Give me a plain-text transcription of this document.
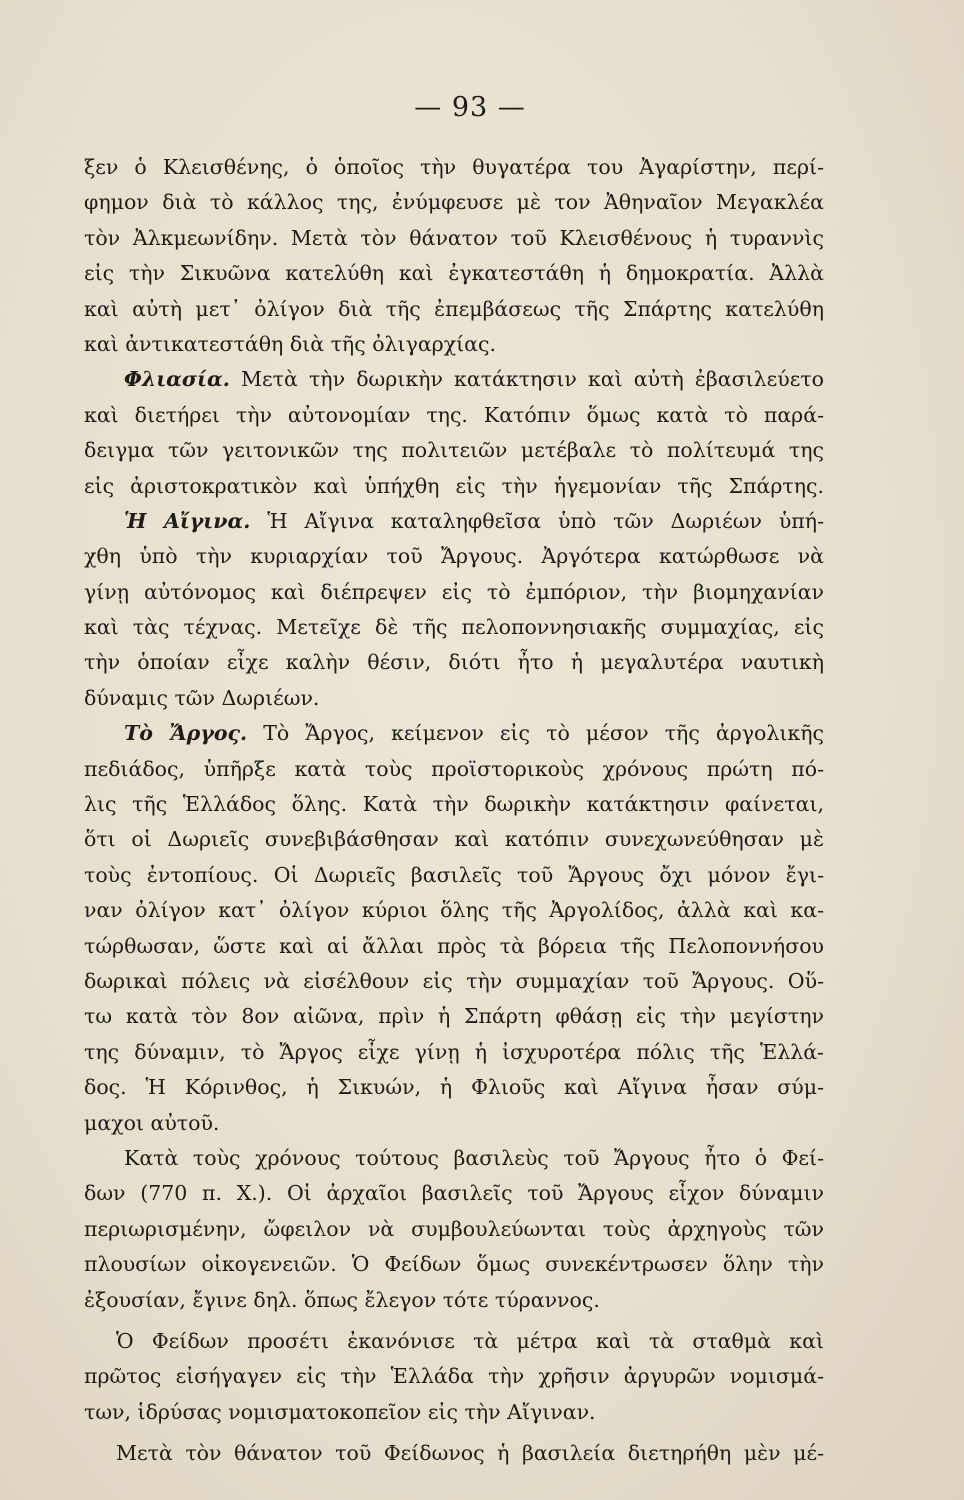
— 93 —
ξεν ὁ Κλεισθένης, ὁ ὁποῖος τὴν θυγατέρα του Ἀγαρίστην, περί-
φημον διὰ τὸ κάλλος της, ἐνύμφευσε μὲ τον Ἀθηναῖον Μεγακλέα
τὸν Ἀλκμεωνίδην. Μετὰ τὸν θάνατον τοῦ Κλεισθένους ἡ τυραννὶς
εἰς τὴν Σικυῶνα κατελύθη καὶ ἐγκατεστάθη ἡ δημοκρατία. Ἀλλὰ
καὶ αὐτὴ μετ᾿ ὀλίγον διὰ τῆς ἐπεμβάσεως τῆς Σπάρτης κατελύθη
καὶ ἀντικατεστάθη διὰ τῆς ὀλιγαρχίας.
Φλιασία. Μετὰ τὴν δωρικὴν κατάκτησιν καὶ αὐτὴ ἐβασιλεύετο
καὶ διετήρει τὴν αὐτονομίαν της. Κατόπιν ὅμως κατὰ τὸ παρά-
δειγμα τῶν γειτονικῶν της πολιτειῶν μετέβαλε τὸ πολίτευμά της
εἰς ἀριστοκρατικὸν καὶ ὑπήχθη εἰς τὴν ἡγεμονίαν τῆς Σπάρτης.
Ἡ Αἴγινα. Ἡ Αἴγινα καταληφθεῖσα ὑπὸ τῶν Δωριέων ὑπή-
χθη ὑπὸ τὴν κυριαρχίαν τοῦ Ἄργους. Ἀργότερα κατώρθωσε νὰ
γίνῃ αὐτόνομος καὶ διέπρεψεν εἰς τὸ ἐμπόριον, τὴν βιομηχανίαν
καὶ τὰς τέχνας. Μετεῖχε δὲ τῆς πελοποννησιακῆς συμμαχίας, εἰς
τὴν ὁποίαν εἶχε καλὴν θέσιν, διότι ἦτο ἡ μεγαλυτέρα ναυτικὴ
δύναμις τῶν Δωριέων.
Τὸ Ἄργος. Τὸ Ἄργος, κείμενον εἰς τὸ μέσον τῆς ἀργολικῆς
πεδιάδος, ὑπῆρξε κατὰ τοὺς προϊστορικοὺς χρόνους πρώτη πό-
λις τῆς Ἑλλάδος ὅλης. Κατὰ τὴν δωρικὴν κατάκτησιν φαίνεται,
ὅτι οἱ Δωριεῖς συνεβιβάσθησαν καὶ κατόπιν συνεχωνεύθησαν μὲ
τοὺς ἐντοπίους. Οἱ Δωριεῖς βασιλεῖς τοῦ Ἄργους ὄχι μόνον ἔγι-
ναν ὀλίγον κατ᾿ ὀλίγον κύριοι ὅλης τῆς Ἀργολίδος, ἀλλὰ καὶ κα-
τώρθωσαν, ὥστε καὶ αἱ ἄλλαι πρὸς τὰ βόρεια τῆς Πελοποννήσου
δωρικαὶ πόλεις νὰ εἰσέλθουν εἰς τὴν συμμαχίαν τοῦ Ἄργους. Οὕ-
τω κατὰ τὸν 8ον αἰῶνα, πρὶν ἡ Σπάρτη φθάσῃ εἰς τὴν μεγίστην
της δύναμιν, τὸ Ἄργος εἶχε γίνῃ ἡ ἰσχυροτέρα πόλις τῆς Ἑλλά-
δος. Ἡ Κόρινθος, ἡ Σικυών, ἡ Φλιοῦς καὶ Αἴγινα ἦσαν σύμ-
μαχοι αὐτοῦ.
Κατὰ τοὺς χρόνους τούτους βασιλεὺς τοῦ Ἄργους ἦτο ὁ Φεί-
δων (770 π. Χ.). Οἱ ἀρχαῖοι βασιλεῖς τοῦ Ἄργους εἶχον δύναμιν
περιωρισμένην, ὤφειλον νὰ συμβουλεύωνται τοὺς ἀρχηγοὺς τῶν
πλουσίων οἰκογενειῶν. Ὁ Φείδων ὅμως συνεκέντρωσεν ὅλην τὴν
ἐξουσίαν, ἔγινε δηλ. ὅπως ἔλεγον τότε τύραννος.
Ὁ Φείδων προσέτι ἐκανόνισε τὰ μέτρα καὶ τὰ σταθμὰ καὶ
πρῶτος εἰσήγαγεν εἰς τὴν Ἑλλάδα τὴν χρῆσιν ἀργυρῶν νομισμά-
των, ἱδρύσας νομισματοκοπεῖον εἰς τὴν Αἴγιναν.
Μετὰ τὸν θάνατον τοῦ Φείδωνος ἡ βασιλεία διετηρήθη μὲν μέ-
